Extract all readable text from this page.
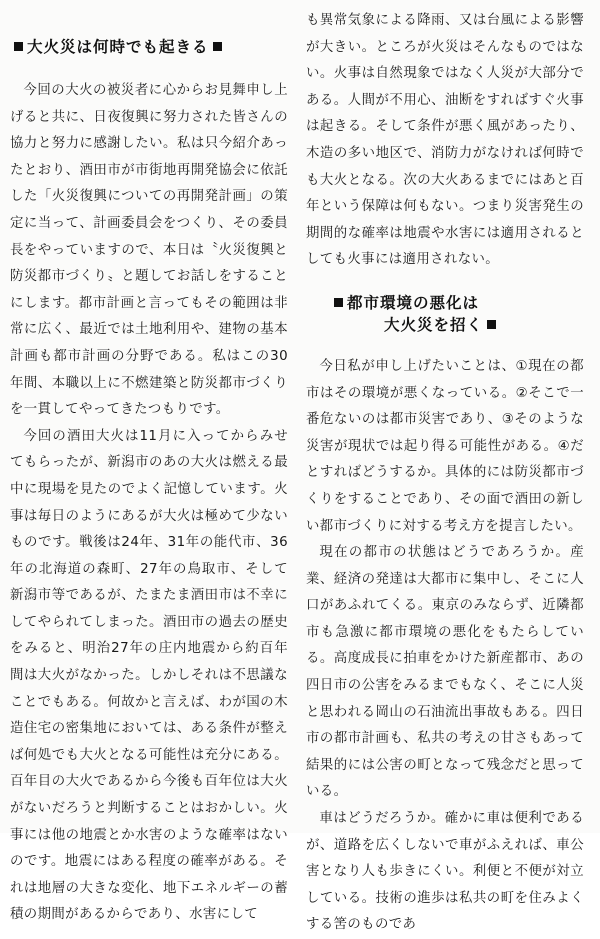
大火災は何時でも起きる

今回の大火の被災者に心からお見舞申し上げると共に、日夜復興に努力された皆さんの協力と努力に感謝したい。私は只今紹介あったとおり、酒田市が市街地再開発協会に依託した「火災復興についての再開発計画」の策定に当って、計画委員会をつくり、その委員長をやっていますので、本日は〝火災復興と防災都市づくり〟と題してお話しをすることにします。都市計画と言ってもその範囲は非常に広く、最近では土地利用や、建物の基本計画も都市計画の分野である。私はこの30年間、本職以上に不燃建築と防災都市づくりを一貫してやってきたつもりです。

今回の酒田大火は11月に入ってからみせてもらったが、新潟市のあの大火は燃える最中に現場を見たのでよく記憶しています。火事は毎日のようにあるが大火は極めて少ないものです。戦後は24年、31年の能代市、36年の北海道の森町、27年の鳥取市、そして新潟市等であるが、たまたま酒田市は不幸にしてやられてしまった。酒田市の過去の歴史をみると、明治27年の庄内地震から約百年間は大火がなかった。しかしそれは不思議なことでもある。何故かと言えば、わが国の木造住宅の密集地においては、ある条件が整えば何処でも大火となる可能性は充分にある。百年目の大火であるから今後も百年位は大火がないだろうと判断することはおかしい。火事には他の地震とか水害のような確率はないのです。地震にはある程度の確率がある。それは地層の大きな変化、地下エネルギーの蓄積の期間があるからであり、水害にして

も異常気象による降雨、又は台風による影響が大きい。ところが火災はそんなものではない。火事は自然現象ではなく人災が大部分である。人間が不用心、油断をすればすぐ火事は起きる。そして条件が悪く風があったり、木造の多い地区で、消防力がなければ何時でも大火となる。次の大火あるまでにはあと百年という保障は何もない。つまり災害発生の期間的な確率は地震や水害には適用されるとしても火事には適用されない。

都市環境の悪化は
大火災を招く

今日私が申し上げたいことは、①現在の都市はその環境が悪くなっている。②そこで一番危ないのは都市災害であり、③そのような災害が現状では起り得る可能性がある。④だとすればどうするか。具体的には防災都市づくりをすることであり、その面で酒田の新しい都市づくりに対する考え方を提言したい。

現在の都市の状態はどうであろうか。産業、経済の発達は大都市に集中し、そこに人口があふれてくる。東京のみならず、近隣都市も急激に都市環境の悪化をもたらしている。高度成長に拍車をかけた新産都市、あの四日市の公害をみるまでもなく、そこに人災と思われる岡山の石油流出事故もある。四日市の都市計画も、私共の考えの甘さもあって結果的には公害の町となって残念だと思っている。

車はどうだろうか。確かに車は便利であるが、道路を広くしないで車がふえれば、車公害となり人も歩きにくい。利便と不便が対立している。技術の進歩は私共の町を住みよくする筈のものであ
